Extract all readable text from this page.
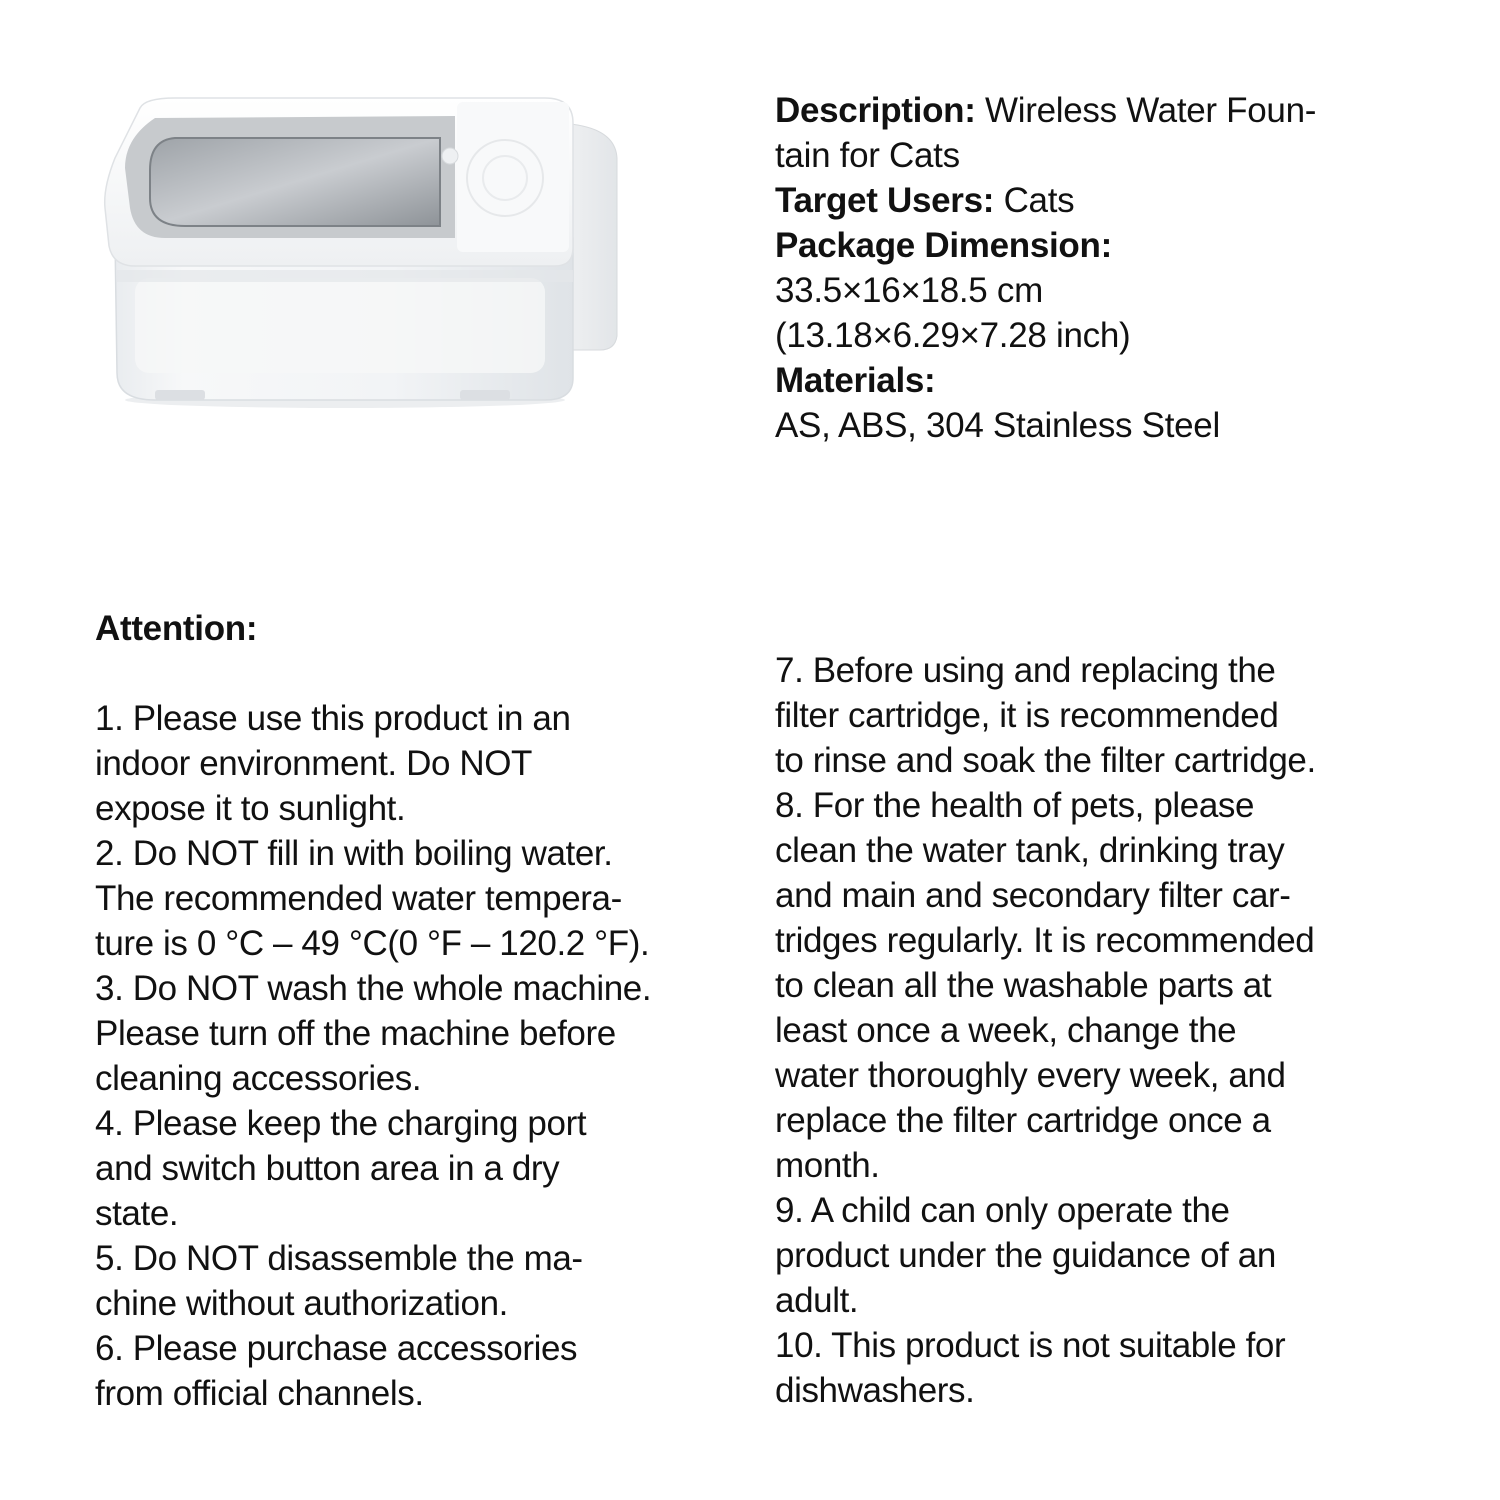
Description: Wireless Water Foun-
tain for Cats
Target Users: Cats
Package Dimension:
33.5×16×18.5 cm
(13.18×6.29×7.28 inch)
Materials:
AS, ABS, 304 Stainless Steel
Attention:
1. Please use this product in an
indoor environment. Do NOT
expose it to sunlight.
2. Do NOT fill in with boiling water.
The recommended water tempera-
ture is 0 °C – 49 °C(0 °F – 120.2 °F).
3. Do NOT wash the whole machine.
Please turn off the machine before
cleaning accessories.
4. Please keep the charging port
and switch button area in a dry
state.
5. Do NOT disassemble the ma-
chine without authorization.
6. Please purchase accessories
from official channels.
7. Before using and replacing the
filter cartridge, it is recommended
to rinse and soak the filter cartridge.
8. For the health of pets, please
clean the water tank, drinking tray
and main and secondary filter car-
tridges regularly. It is recommended
to clean all the washable parts at
least once a week, change the
water thoroughly every week, and
replace the filter cartridge once a
month.
9. A child can only operate the
product under the guidance of an
adult.
10. This product is not suitable for
dishwashers.
